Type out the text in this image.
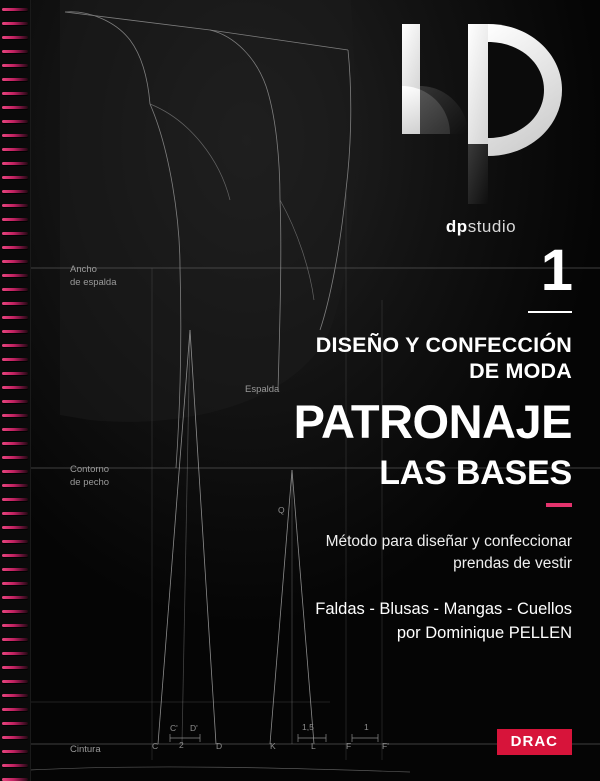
Ancho
de espalda
Espalda
Contorno
de pecho
Cintura
Q
C' D'
C	D	K	L	F	F'
2
1,5	1
dpstudio
1
DISEÑO Y CONFECCIÓN
DE MODA
PATRONAJE
LAS BASES
Método para diseñar y confeccionar
prendas de vestir
Faldas - Blusas - Mangas - Cuellos
por Dominique PELLEN
DRAC
